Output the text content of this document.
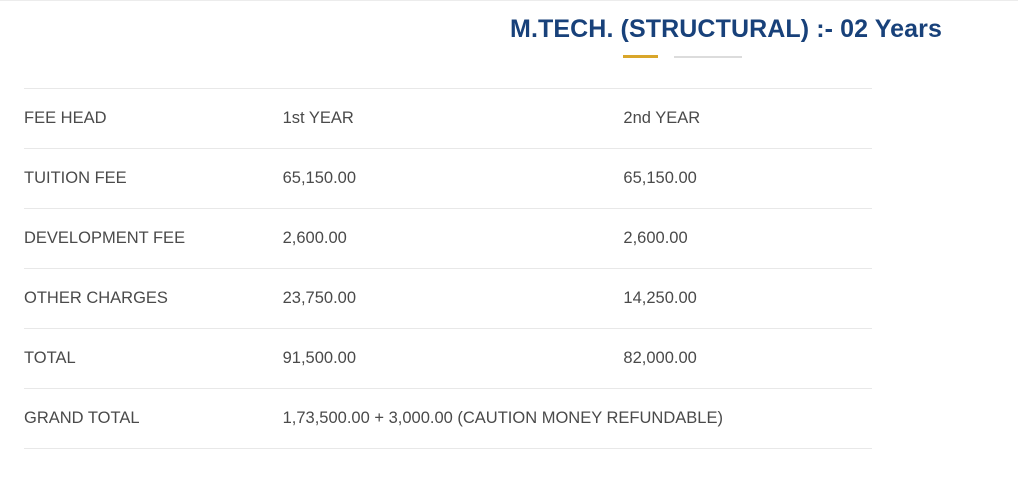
M.TECH. (STRUCTURAL) :- 02 Years
FEE HEAD	1st YEAR	2nd YEAR
TUITION FEE	65,150.00	65,150.00
DEVELOPMENT FEE	2,600.00	2,600.00
OTHER CHARGES	23,750.00	14,250.00
TOTAL	91,500.00	82,000.00
GRAND TOTAL	1,73,500.00 + 3,000.00 (CAUTION MONEY REFUNDABLE)	
